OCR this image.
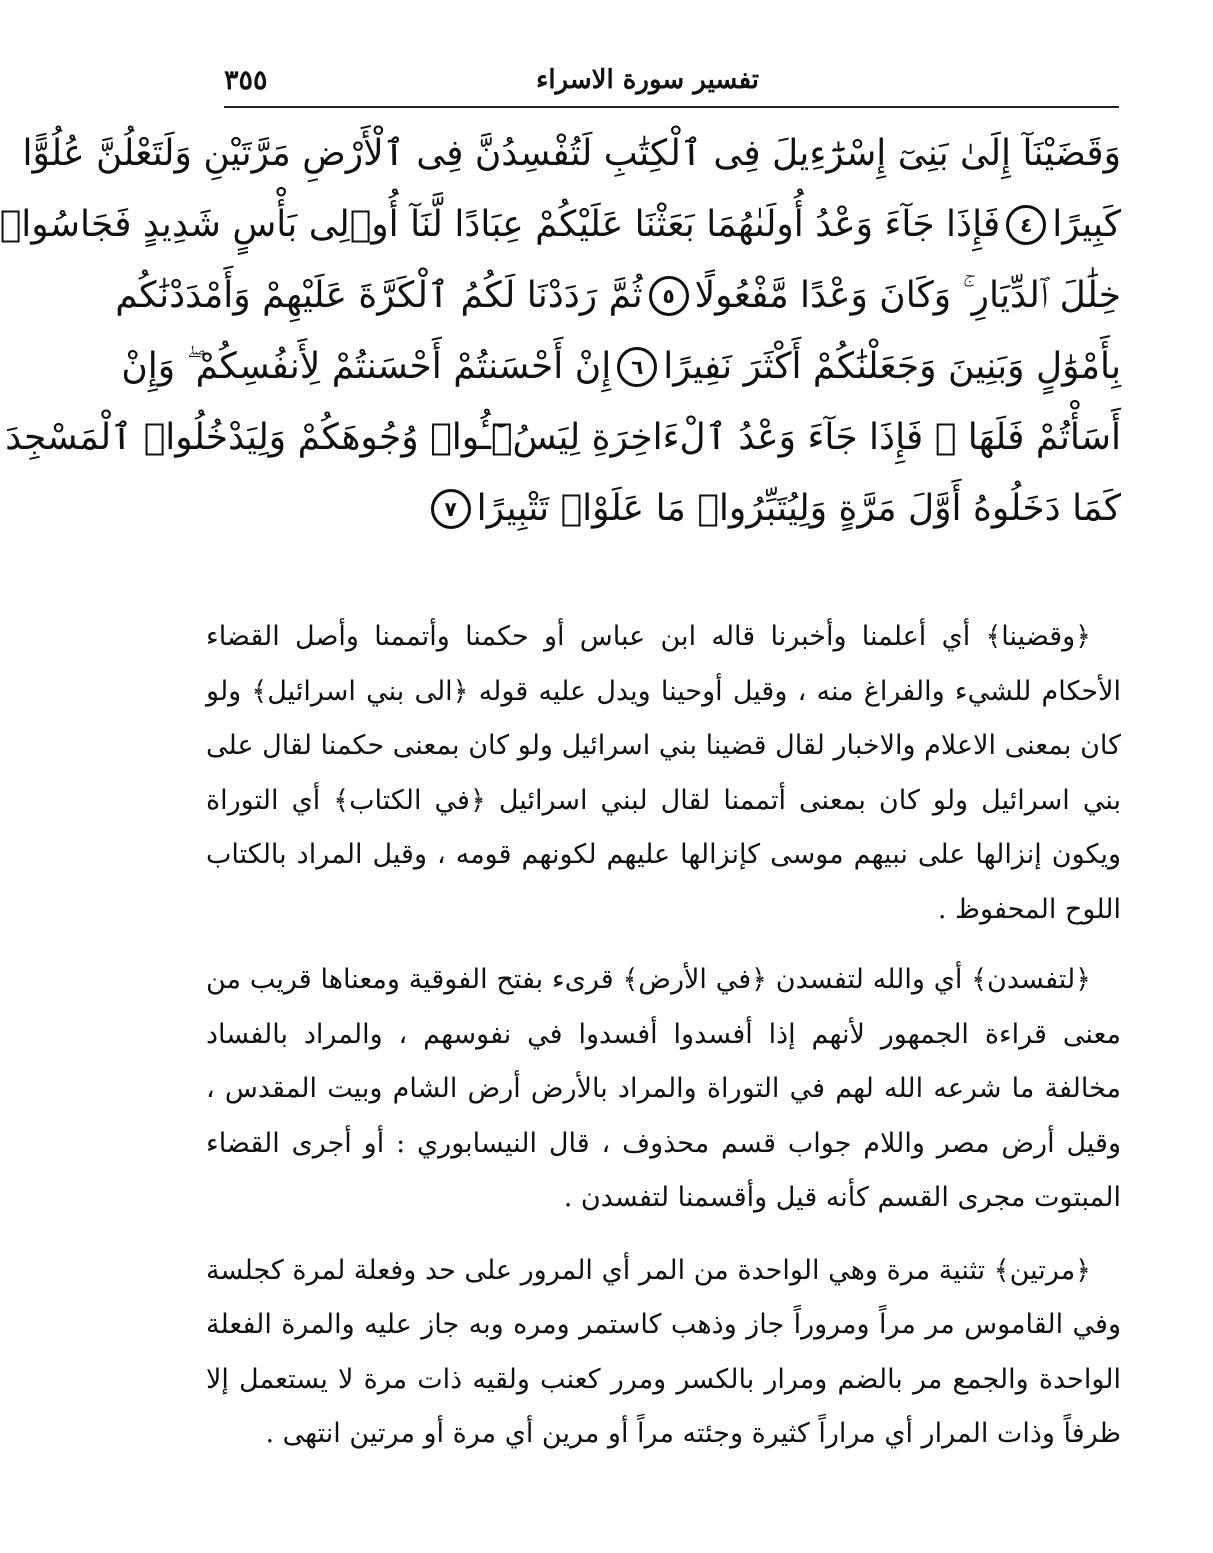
تفسير سورة الاسراء
٣٥٥
وَقَضَيْنَآ إِلَىٰ بَنِىٓ إِسْرَٰٓءِيلَ فِى ٱلْكِتَٰبِ لَتُفْسِدُنَّ فِى ٱلْأَرْضِ مَرَّتَيْنِ وَلَتَعْلُنَّ عُلُوًّا
كَبِيرًا
٤
فَإِذَا جَآءَ وَعْدُ أُولَىٰهُمَا بَعَثْنَا عَلَيْكُمْ عِبَادًا لَّنَآ أُو۟لِى بَأْسٍ شَدِيدٍ فَجَاسُوا۟
خِلَٰلَ ٱلدِّيَارِ ۚ وَكَانَ وَعْدًا مَّفْعُولًا
٥
ثُمَّ رَدَدْنَا لَكُمُ ٱلْكَرَّةَ عَلَيْهِمْ وَأَمْدَدْنَٰكُم
بِأَمْوَٰلٍ وَبَنِينَ وَجَعَلْنَٰكُمْ أَكْثَرَ نَفِيرًا
٦
إِنْ أَحْسَنتُمْ أَحْسَنتُمْ لِأَنفُسِكُمْ ۖ وَإِنْ
أَسَأْتُمْ فَلَهَا ۚ فَإِذَا جَآءَ وَعْدُ ٱلْءَاخِرَةِ لِيَسُۥٓـُٔوا۟ وُجُوهَكُمْ وَلِيَدْخُلُوا۟ ٱلْمَسْجِدَ
كَمَا دَخَلُوهُ أَوَّلَ مَرَّةٍ وَلِيُتَبِّرُوا۟ مَا عَلَوْا۟ تَتْبِيرًا
٧

﴿وقضينا﴾ أي أعلمنا وأخبرنا قاله ابن عباس أو حكمنا وأتممنا وأصل القضاء الأحكام للشيء والفراغ منه ، وقيل أوحينا ويدل عليه قوله ﴿الى بني اسرائيل﴾ ولو كان بمعنى الاعلام والاخبار لقال قضينا بني اسرائيل ولو كان بمعنى حكمنا لقال على بني اسرائيل ولو كان بمعنى أتممنا لقال لبني اسرائيل ﴿في الكتاب﴾ أي التوراة ويكون إنزالها على نبيهم موسى كإنزالها عليهم لكونهم قومه ، وقيل المراد بالكتاب اللوح المحفوظ .

﴿لتفسدن﴾ أي والله لتفسدن ﴿في الأرض﴾ قرىء بفتح الفوقية ومعناها قريب من معنى قراءة الجمهور لأنهم إذا أفسدوا أفسدوا في نفوسهم ، والمراد بالفساد مخالفة ما شرعه الله لهم في التوراة والمراد بالأرض أرض الشام وبيت المقدس ، وقيل أرض مصر واللام جواب قسم محذوف ، قال النيسابوري : أو أجرى القضاء المبتوت مجرى القسم كأنه قيل وأقسمنا لتفسدن .

﴿مرتين﴾ تثنية مرة وهي الواحدة من المر أي المرور على حد وفعلة لمرة كجلسة وفي القاموس مر مراً ومروراً جاز وذهب كاستمر ومره وبه جاز عليه والمرة الفعلة الواحدة والجمع مر بالضم ومرار بالكسر ومرر كعنب ولقيه ذات مرة لا يستعمل إلا ظرفاً وذات المرار أي مراراً كثيرة وجئته مراً أو مرين أي مرة أو مرتين انتهى .
